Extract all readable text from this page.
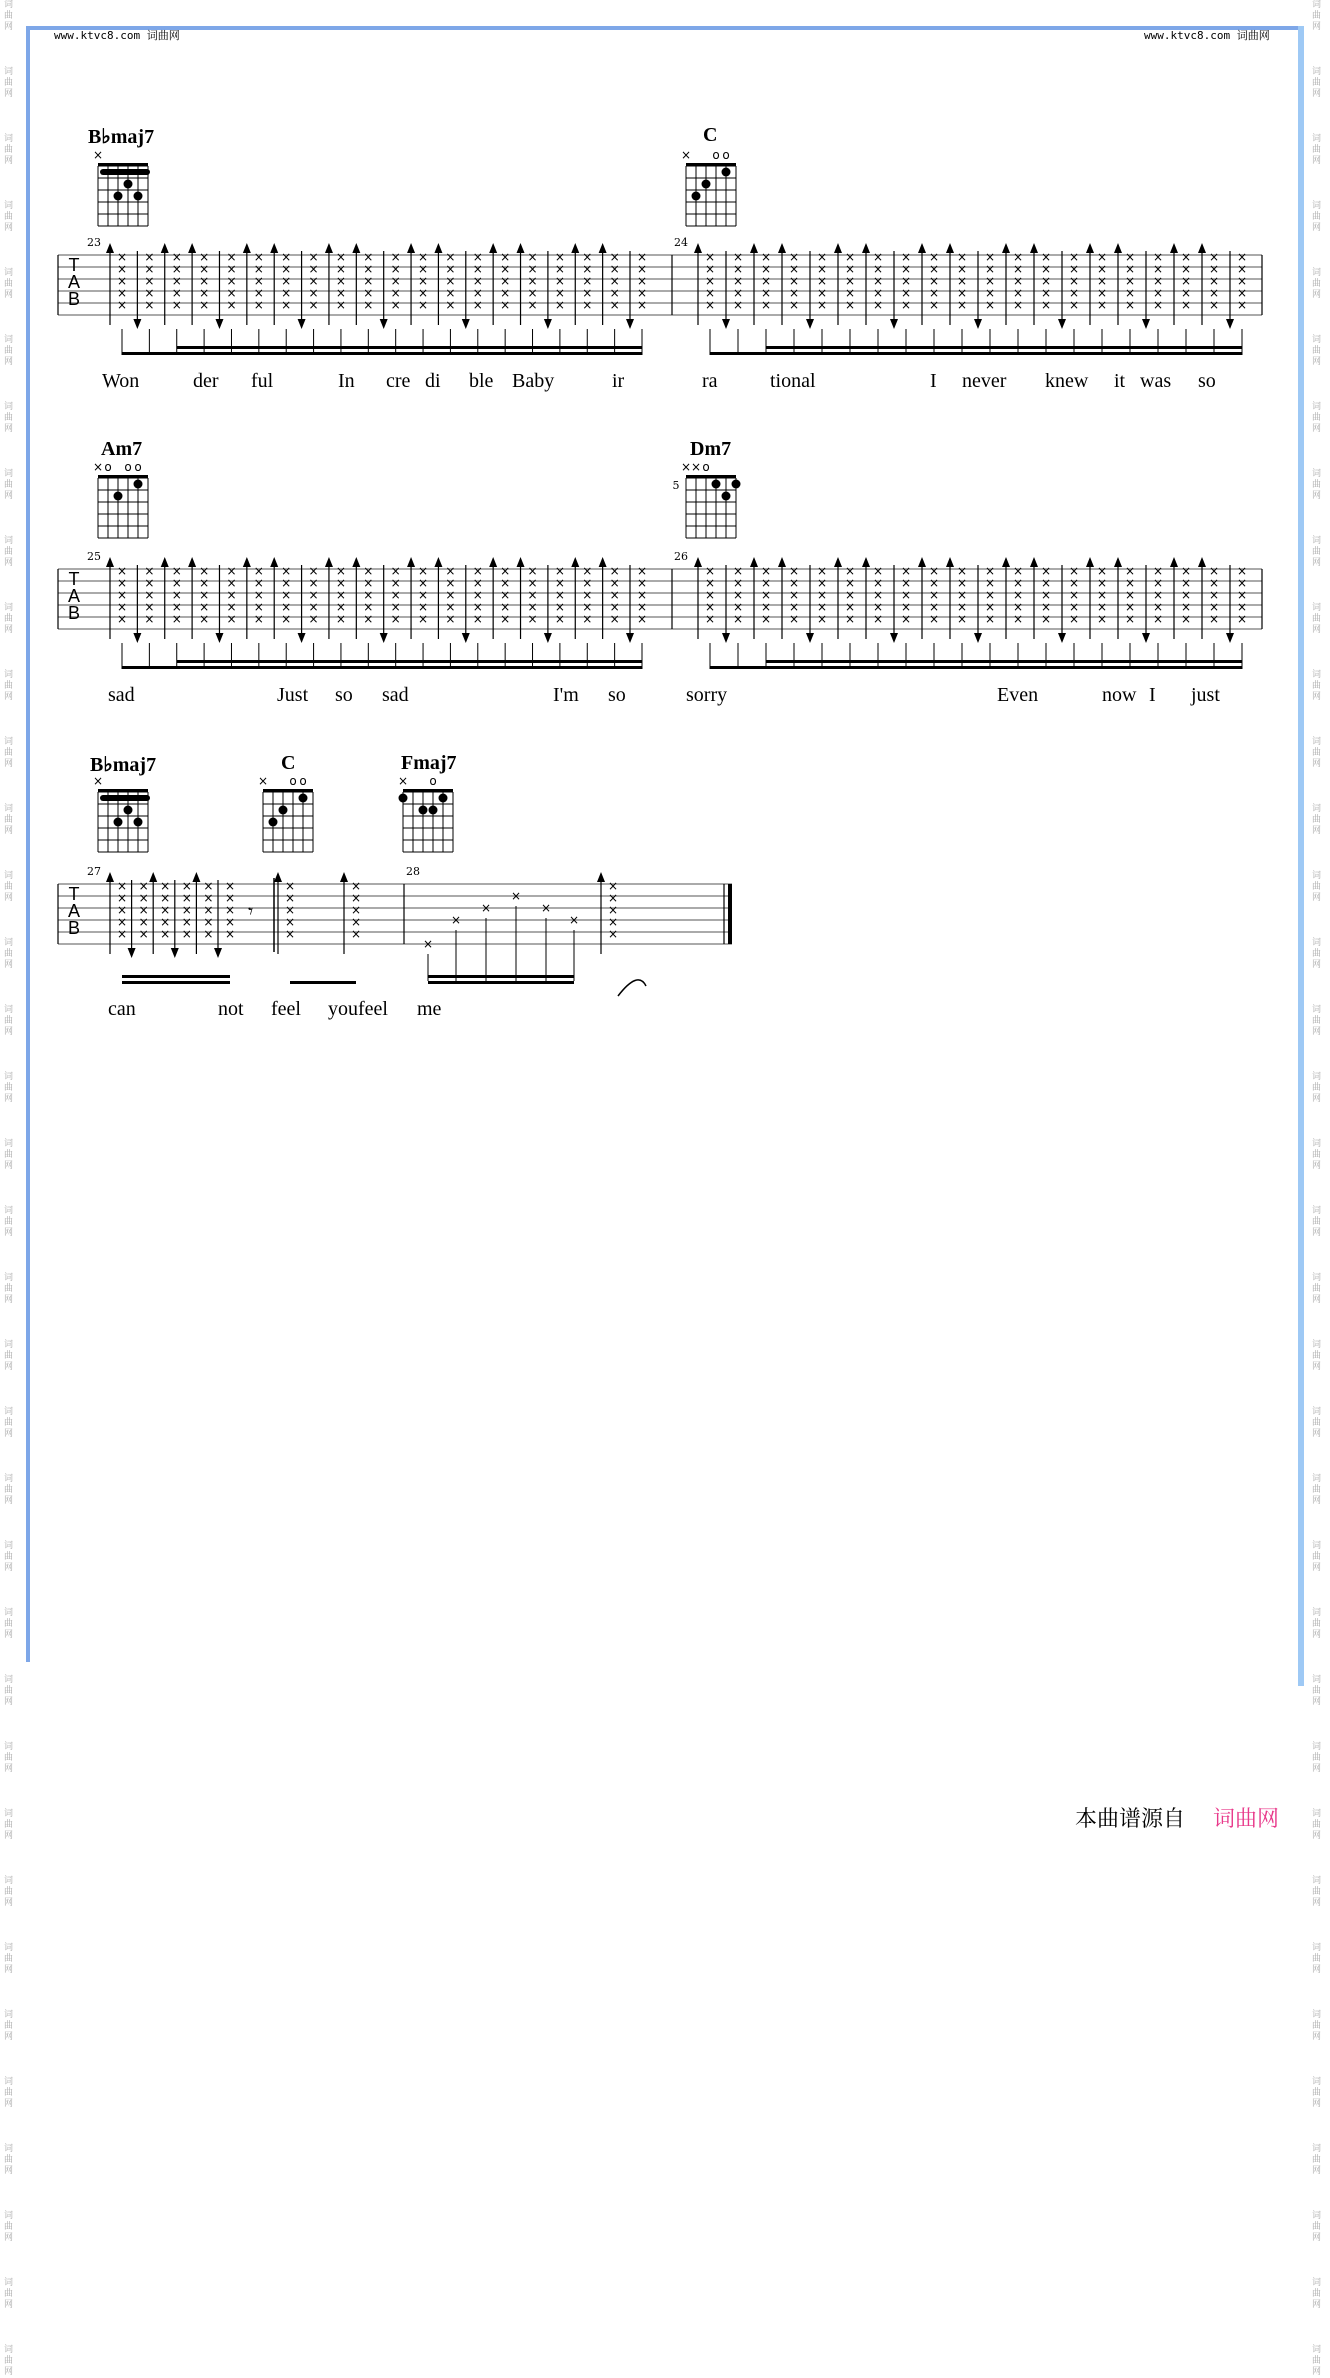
词曲网
词曲网
词曲网
词曲网
词曲网
词曲网
词曲网
词曲网
词曲网
词曲网
词曲网
词曲网
词曲网
词曲网
词曲网
词曲网
词曲网
词曲网
词曲网
词曲网
词曲网
词曲网
词曲网
词曲网
词曲网
词曲网
词曲网
词曲网
词曲网
词曲网
词曲网
词曲网
词曲网
词曲网
词曲网
词曲网
词曲网
词曲网
词曲网
词曲网
词曲网
词曲网
词曲网
词曲网
词曲网
词曲网
词曲网
词曲网
词曲网
词曲网
词曲网
词曲网
词曲网
词曲网
词曲网
词曲网
词曲网
词曲网
词曲网
词曲网
词曲网
词曲网
词曲网
词曲网
词曲网
词曲网
词曲网
词曲网
词曲网
词曲网
词曲网
词曲网
www.ktvc8.com 词曲网	www.ktvc8.com 词曲网
B♭maj7	C
Am7	Dm7
B♭maj7	C	Fmaj7
×	× o o
× o o o	× × o
5
×	× o o	× o
T
A
B
23	24
×
×
×
×
×
×
×
×
×
×
×
×
×
×
×
×
×
×
×
×
×
×
×
×
×
×
×
×
×
×
×
×
×
×
×
×
×
×
×
×
×
×
×
×
×
×
×
×
×
×
×
×
×
×
×
×
×
×
×
×
×
×
×
×
×
×
×
×
×
×
×
×
×
×
×
×
×
×
×
×
×
×
×
×
×
×
×
×
×
×
×
×
×
×
×
×
×
×
×
×
×
×
×
×
×
×
×
×
×
×
×
×
×
×
×
×
×
×
×
×
×
×
×
×
×
×
×
×
×
×
×
×
×
×
×
×
×
×
×
×
×
×
×
×
×
×
×
×
×
×
×
×
×
×
×
×
×
×
×
×
×
×
×
×
×
×
×
×
×
×
×
×
×
×
×
×
×
×
×
×
×
×
×
×
×
×
×
×
×
×
×
×
×
×
×
×
×
×
×
×
T
A
B
25	26
×
×
×
×
×
×
×
×
×
×
×
×
×
×
×
×
×
×
×
×
×
×
×
×
×
×
×
×
×
×
×
×
×
×
×
×
×
×
×
×
×
×
×
×
×
×
×
×
×
×
×
×
×
×
×
×
×
×
×
×
×
×
×
×
×
×
×
×
×
×
×
×
×
×
×
×
×
×
×
×
×
×
×
×
×
×
×
×
×
×
×
×
×
×
×
×
×
×
×
×
×
×
×
×
×
×
×
×
×
×
×
×
×
×
×
×
×
×
×
×
×
×
×
×
×
×
×
×
×
×
×
×
×
×
×
×
×
×
×
×
×
×
×
×
×
×
×
×
×
×
×
×
×
×
×
×
×
×
×
×
×
×
×
×
×
×
×
×
×
×
×
×
×
×
×
×
×
×
×
×
×
×
×
×
×
×
×
×
×
×
×
×
×
×
×
×
×
×
×
×
T
A
B
27	28
×
×
×
×
×
×
×
×
×
×
×
×
×
×
×
×
×
×
×
×
×
×
×
×
×
×
×
×
×
×
𝄾
×
×
×
×
×
×
×
×
×
×
×
×
×
×
×
×
×
×
×
×
×
Won	der ful	In cre di ble Baby	ir	ra	tional	I never knew it was so
sad	Just so sad	I'm so	sorry	Even	now I just
can	not feel youfeel me
本曲谱源自 词曲网
